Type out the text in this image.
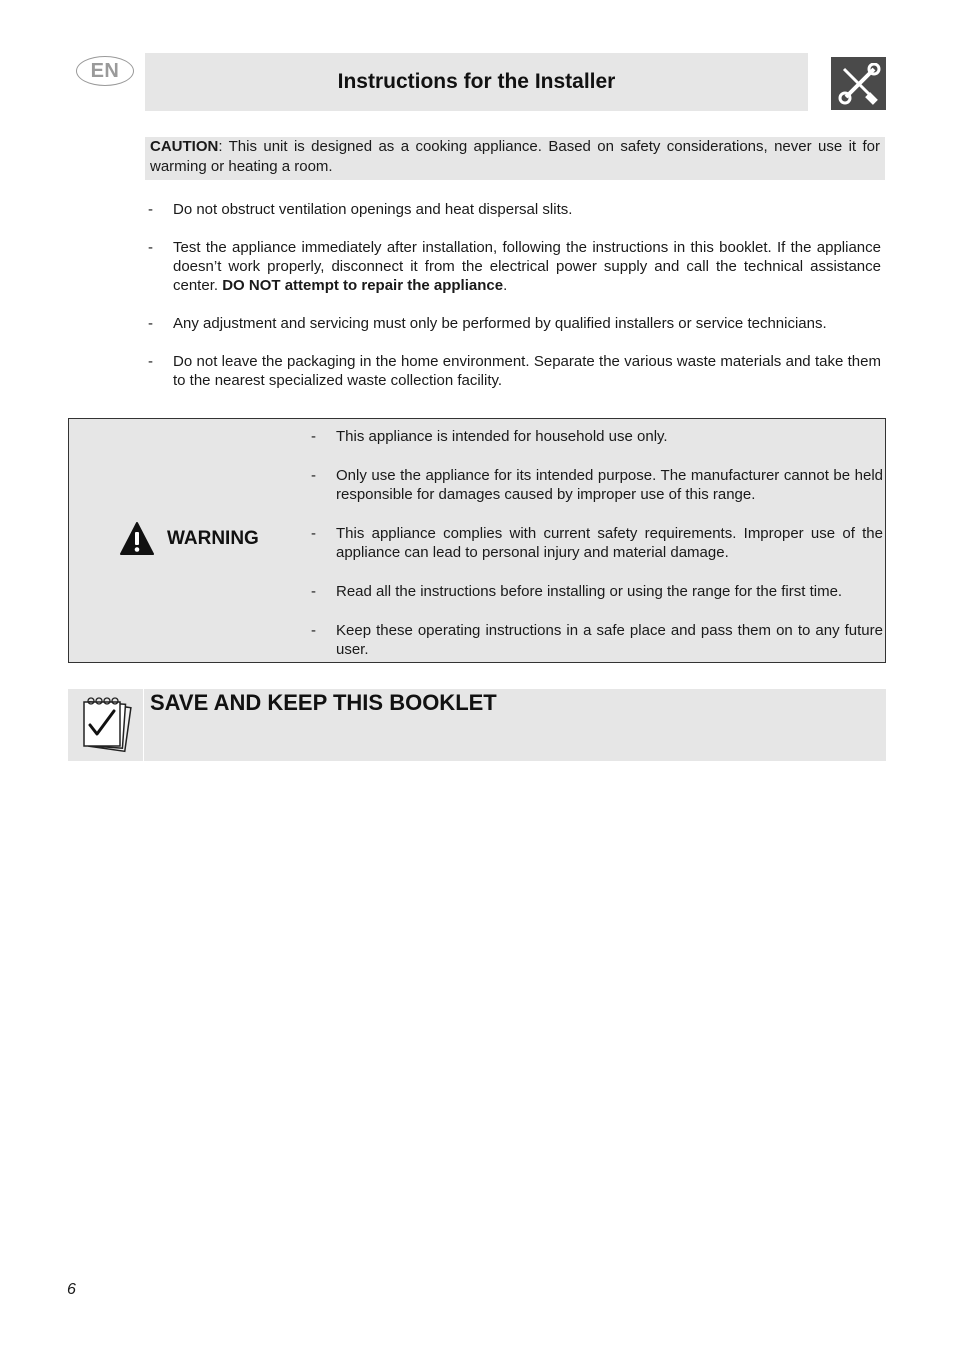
EN	Instructions for the Installer
CAUTION: This unit is designed as a cooking appliance. Based on safety considerations, never use it for warming or heating a room.
- Do not obstruct ventilation openings and heat dispersal slits.
- Test the appliance immediately after installation, following the instructions in this booklet. If the appliance doesn’t work properly, disconnect it from the electrical power supply and call the technical assistance center. DO NOT attempt to repair the appliance.
- Any adjustment and servicing must only be performed by qualified installers or service technicians.
- Do not leave the packaging in the home environment. Separate the various waste materials and take them to the nearest specialized waste collection facility.
WARNING
- This appliance is intended for household use only.
- Only use the appliance for its intended purpose. The manufacturer cannot be held responsible for damages caused by improper use of this range.
- This appliance complies with current safety requirements. Improper use of the appliance can lead to personal injury and material damage.
- Read all the instructions before installing or using the range for the first time.
- Keep these operating instructions in a safe place and pass them on to any future user.
SAVE AND KEEP THIS BOOKLET
6
